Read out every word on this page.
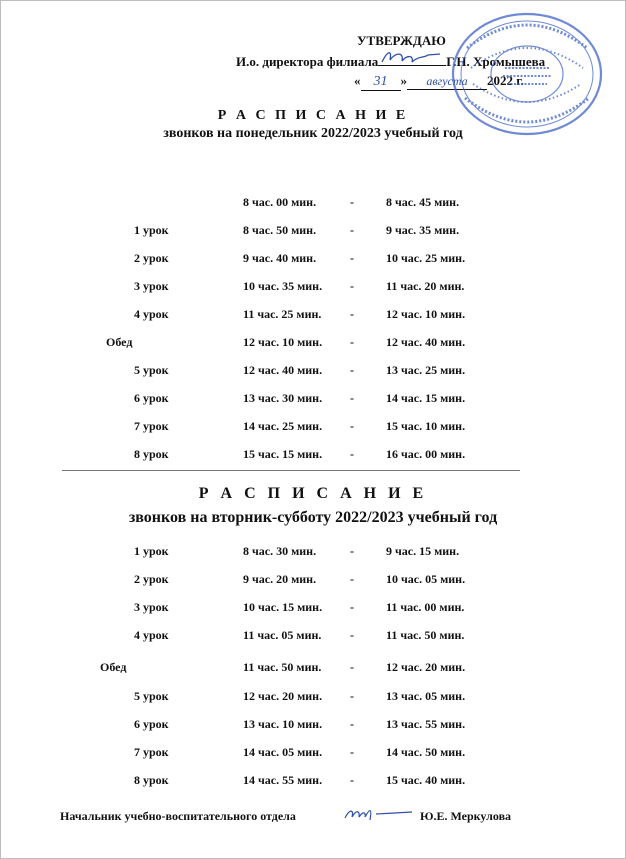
УТВЕРЖДАЮ
И.о. директора филиала	Г.Н. Хромышева
« 31 » августа 2022 г.
Р А С П И С А Н И Е
звонков на понедельник 2022/2023 учебный год
8 час. 00 мин.	-	8 час. 45 мин.
1 урок	8 час. 50 мин.	-	9 час. 35 мин.
2 урок	9 час. 40 мин.	-	10 час. 25 мин.
3 урок	10 час. 35 мин. -	11 час. 20 мин.
4 урок	11 час. 25 мин. -	12 час. 10 мин.
Обед	12 час. 10 мин. -	12 час. 40 мин.
5 урок	12 час. 40 мин. -	13 час. 25 мин.
6 урок	13 час. 30 мин. -	14 час. 15 мин.
7 урок	14 час. 25 мин. -	15 час. 10 мин.
8 урок	15 час. 15 мин. -	16 час. 00 мин.
Р А С П И С А Н И Е
звонков на вторник-субботу 2022/2023 учебный год
1 урок	8 час. 30 мин.	-	9 час. 15 мин.
2 урок	9 час. 20 мин.	-	10 час. 05 мин.
3 урок	10 час. 15 мин. -	11 час. 00 мин.
4 урок	11 час. 05 мин. -	11 час. 50 мин.
Обед	11 час. 50 мин. -	12 час. 20 мин.
5 урок	12 час. 20 мин. -	13 час. 05 мин.
6 урок	13 час. 10 мин. -	13 час. 55 мин.
7 урок	14 час. 05 мин. -	14 час. 50 мин.
8 урок	14 час. 55 мин. -	15 час. 40 мин.
Начальник учебно-воспитательного отдела	Ю.Е. Меркулова
